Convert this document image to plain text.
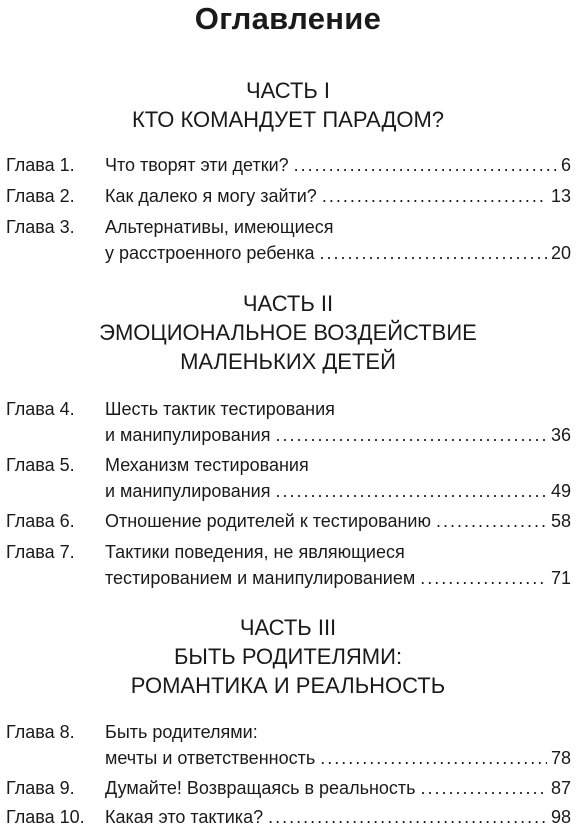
Оглавление
ЧАСТЬ I
КТО КОМАНДУЕТ ПАРАДОМ?
Глава 1. Что творят эти детки? .....	6
Глава 2. Как далеко я могу зайти? .....	13
Глава 3. Альтернативы, имеющиеся
у расстроенного ребенка .....	20
ЧАСТЬ II
ЭМОЦИОНАЛЬНОЕ ВОЗДЕЙСТВИЕ
МАЛЕНЬКИХ ДЕТЕЙ
Глава 4. Шесть тактик тестирования
и манипулирования .....	36
Глава 5. Механизм тестирования
и манипулирования .....	49
Глава 6. Отношение родителей к тестированию .....	58
Глава 7. Тактики поведения, не являющиеся
тестированием и манипулированием .....	71
ЧАСТЬ III
БЫТЬ РОДИТЕЛЯМИ:
РОМАНТИКА И РЕАЛЬНОСТЬ
Глава 8. Быть родителями:
мечты и ответственность .....	78
Глава 9. Думайте! Возвращаясь в реальность .....	87
Глава 10. Какая это тактика? .....	98
